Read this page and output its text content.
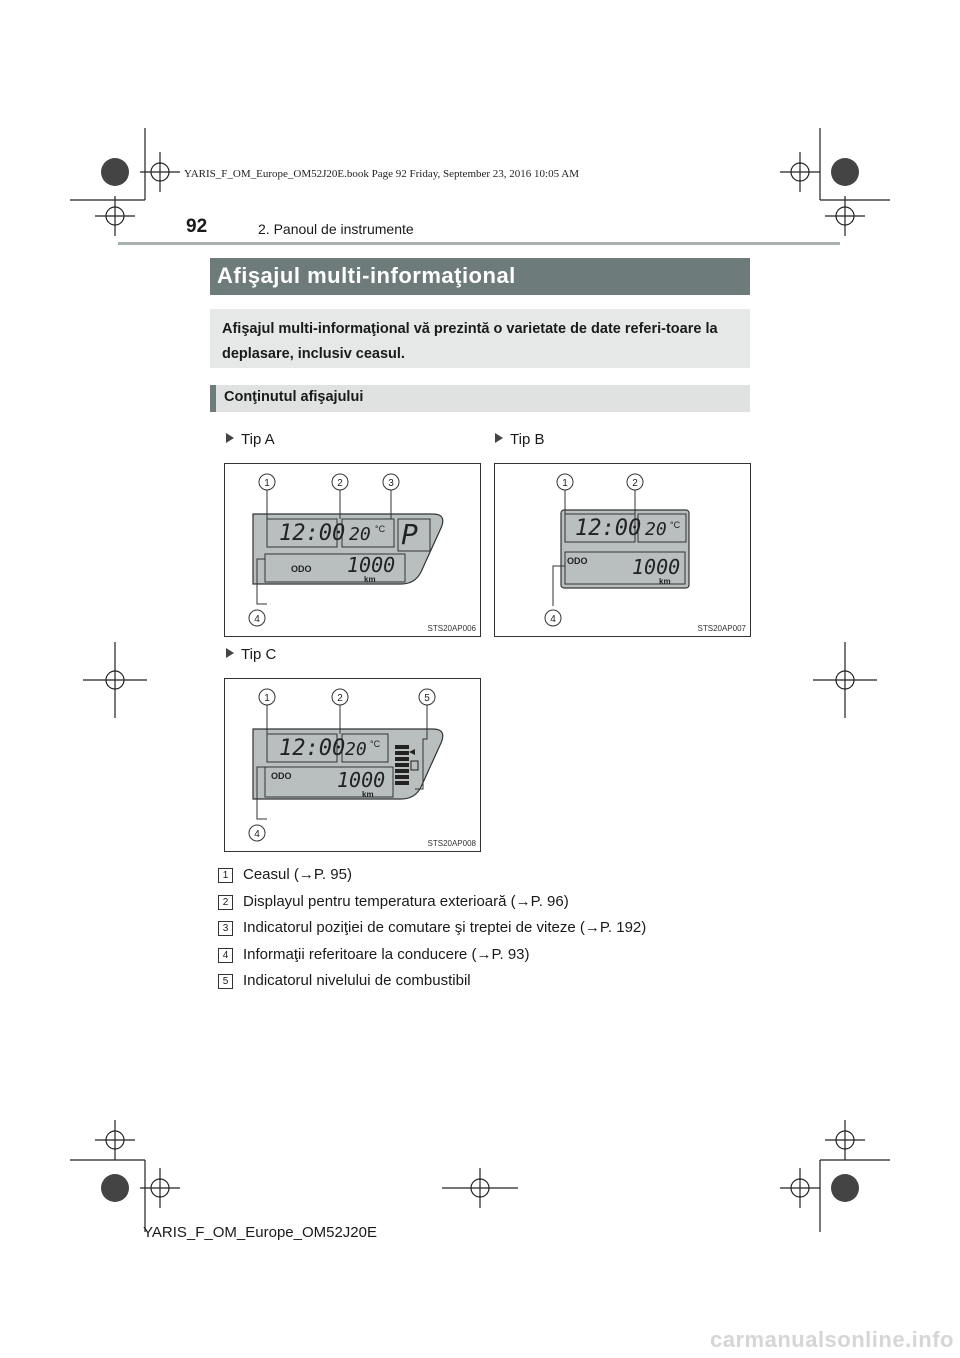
YARIS_F_OM_Europe_OM52J20E.book Page 92 Friday, September 23, 2016 10:05 AM
92	2. Panoul de instrumente
Afişajul multi-informaţional
Afişajul multi-informaţional vă prezintă o varietate de date referi-toare la deplasare, inclusiv ceasul.
Conţinutul afişajului
Tip A	Tip B
Tip C
12:00 20 °C P
ODO 1000
km
1	2	3
4
STS20AP006
12:00 20 °C
ODO 1000
km
1	2
4
STS20AP007
12:00 20 °C
ODO 1000
km
1	2	5
4
STS20AP008
1 Ceasul (→P. 95)
2 Displayul pentru temperatura exterioară (→P. 96)
3 Indicatorul poziţiei de comutare şi treptei de viteze (→P. 192)
4 Informaţii referitoare la conducere (→P. 93)
5 Indicatorul nivelului de combustibil
YARIS_F_OM_Europe_OM52J20E
carmanualsonline.info
